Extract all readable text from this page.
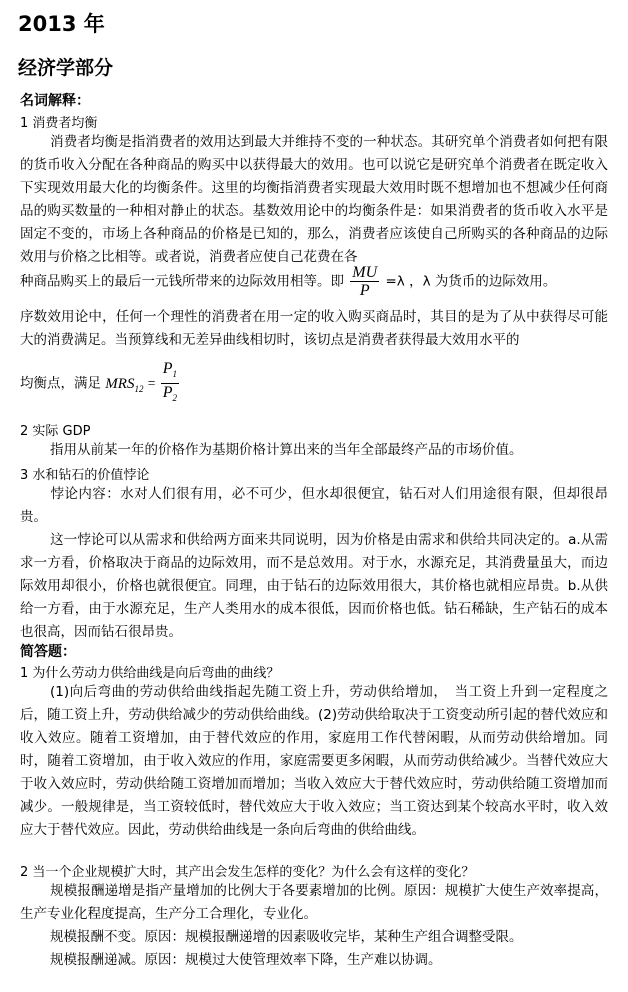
2013 年
经济学部分
名词解释：
1 消费者均衡
消费者均衡是指消费者的效用达到最大并维持不变的一种状态。其研究单个消费者如何把有限的货币收入分配在各种商品的购买中以获得最大的效用。也可以说它是研究单个消费者在既定收入下实现效用最大化的均衡条件。这里的均衡指消费者实现最大效用时既不想增加也不想减少任何商品的购买数量的一种相对静止的状态。基数效用论中的均衡条件是：如果消费者的货币收入水平是固定不变的，市场上各种商品的价格是已知的，那么，消费者应该使自己所购买的各种商品的边际效用与价格之比相等。或者说，消费者应使自己花费在各
种商品购买上的最后一元钱所带来的边际效用相等。即 $\frac{MU}{P} =\lambda$ ，λ 为货币的边际效用。
序数效用论中，任何一个理性的消费者在用一定的收入购买商品时，其目的是为了从中获得尽可能大的消费满足。当预算线和无差异曲线相切时，该切点是消费者获得最大效用水平的
均衡点，满足 $MRS_{12} = \frac{P_1}{P_2}$
2 实际 GDP
指用从前某一年的价格作为基期价格计算出来的当年全部最终产品的市场价值。
3 水和钻石的价值悖论
悖论内容：水对人们很有用，必不可少，但水却很便宜，钻石对人们用途很有限，但却很昂贵。
这一悖论可以从需求和供给两方面来共同说明，因为价格是由需求和供给共同决定的。a.从需求一方看，价格取决于商品的边际效用，而不是总效用。对于水，水源充足，其消费量虽大，而边际效用却很小，价格也就很便宜。同理，由于钻石的边际效用很大，其价格也就相应昂贵。b.从供给一方看，由于水源充足，生产人类用水的成本很低，因而价格也低。钻石稀缺，生产钻石的成本也很高，因而钻石很昂贵。
简答题：
1 为什么劳动力供给曲线是向后弯曲的曲线？
(1)向后弯曲的劳动供给曲线指起先随工资上升，劳动供给增加，　当工资上升到一定程度之后，随工资上升，劳动供给减少的劳动供给曲线。(2)劳动供给取决于工资变动所引起的替代效应和收入效应。随着工资增加，由于替代效应的作用，家庭用工作代替闲暇，从而劳动供给增加。同时，随着工资增加，由于收入效应的作用，家庭需要更多闲暇，从而劳动供给减少。当替代效应大于收入效应时，劳动供给随工资增加而增加；当收入效应大于替代效应时，劳动供给随工资增加而减少。一般规律是，当工资较低时，替代效应大于收入效应；当工资达到某个较高水平时，收入效应大于替代效应。因此，劳动供给曲线是一条向后弯曲的供给曲线。
2 当一个企业规模扩大时，其产出会发生怎样的变化？为什么会有这样的变化？
规模报酬递增是指产量增加的比例大于各要素增加的比例。原因：规模扩大使生产效率提高，生产专业化程度提高，生产分工合理化，专业化。
规模报酬不变。原因：规模报酬递增的因素吸收完毕，某种生产组合调整受限。
规模报酬递减。原因：规模过大使管理效率下降，生产难以协调。
